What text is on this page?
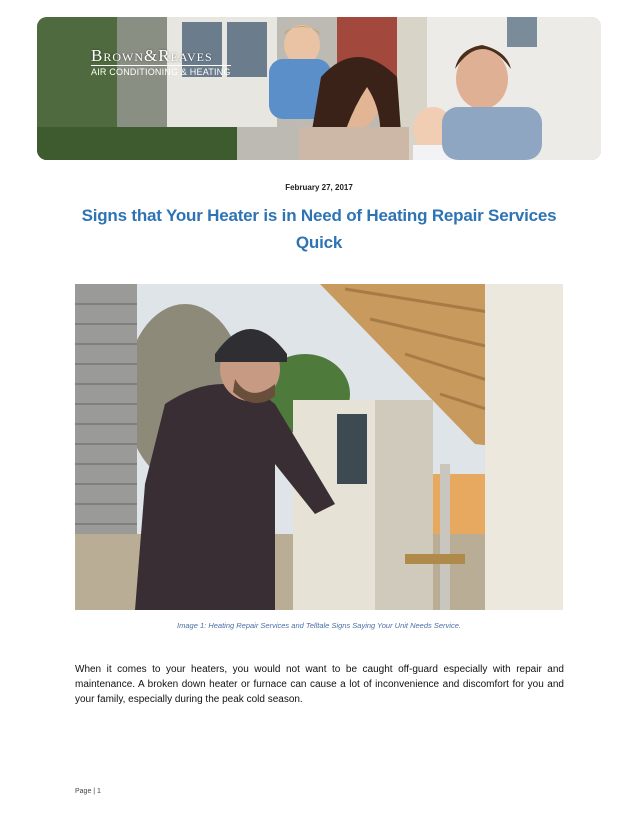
Brown&Reaves
AIR CONDITIONING & HEATING
February 27, 2017
Signs that Your Heater is in Need of Heating Repair Services Quick
Image 1: Heating Repair Services and Telltale Signs Saying Your Unit Needs Service.

When it comes to your heaters, you would not want to be caught off-guard especially with repair and maintenance. A broken down heater or furnace can cause a lot of inconvenience and discomfort for you and your family, especially during the peak cold season.

Page | 1
